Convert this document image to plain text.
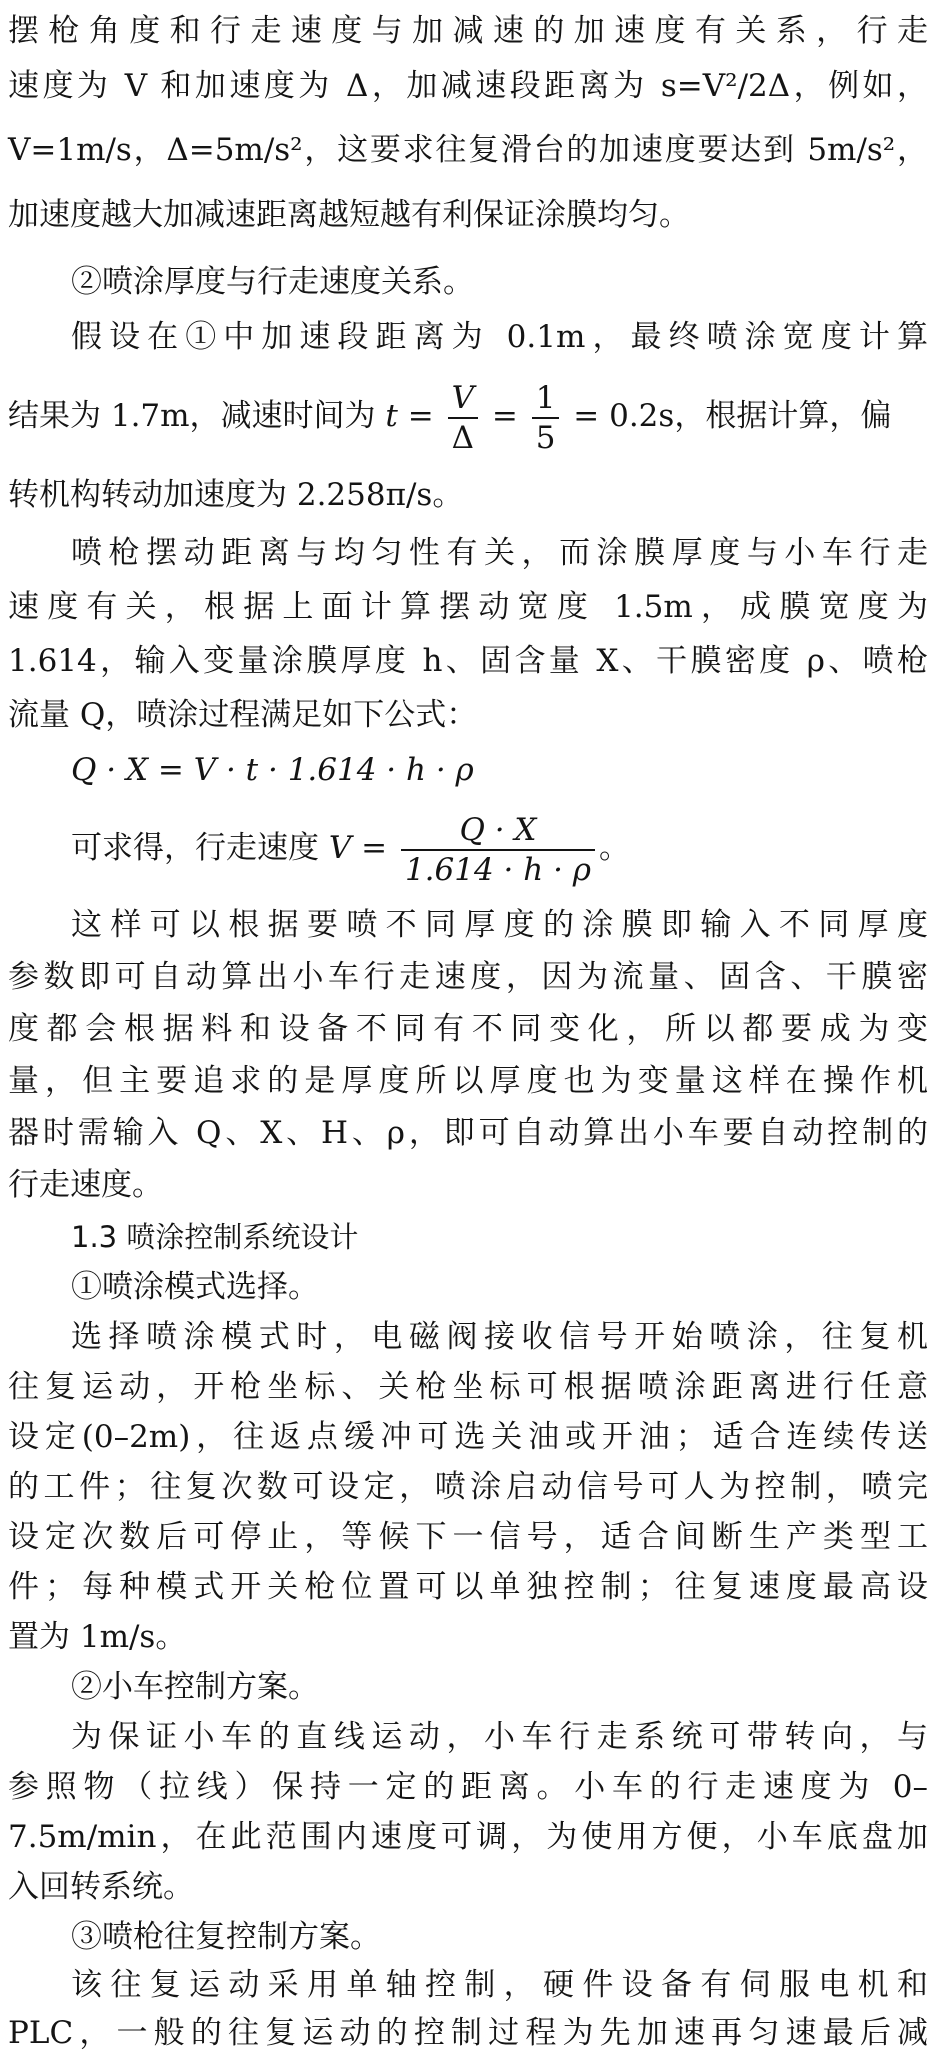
摆枪角度和行走速度与加减速的加速度有关系，行走
速度为 V 和加速度为 Δ，加减速段距离为 s=V²/2Δ，例如，
V=1m/s，Δ=5m/s²，这要求往复滑台的加速度要达到 5m/s²，
加速度越大加减速距离越短越有利保证涂膜均匀。
②喷涂厚度与行走速度关系。
假设在①中加速段距离为 0.1m，最终喷涂宽度计算
结果为 1.7m，减速时间为 $t = \frac{V}{\Delta} = \frac{1}{5} = 0.2s$，根据计算，偏
转机构转动加速度为 2.258π/s。
喷枪摆动距离与均匀性有关，而涂膜厚度与小车行走
速度有关，根据上面计算摆动宽度 1.5m，成膜宽度为
1.614，输入变量涂膜厚度 h、固含量 X、干膜密度 ρ、喷枪
流量 Q，喷涂过程满足如下公式：
Q · X = V · t · 1.614 · h · ρ
可求得，行走速度 $V = \frac{Q \cdot X}{1.614 \cdot h \cdot \rho}$ 。
这样可以根据要喷不同厚度的涂膜即输入不同厚度
参数即可自动算出小车行走速度，因为流量、固含、干膜密
度都会根据料和设备不同有不同变化，所以都要成为变
量，但主要追求的是厚度所以厚度也为变量这样在操作机
器时需输入 Q、X、H、ρ，即可自动算出小车要自动控制的
行走速度。
1.3 喷涂控制系统设计
①喷涂模式选择。
选择喷涂模式时，电磁阀接收信号开始喷涂，往复机
往复运动，开枪坐标、关枪坐标可根据喷涂距离进行任意
设定(0–2m)，往返点缓冲可选关油或开油；适合连续传送
的工件；往复次数可设定，喷涂启动信号可人为控制，喷完
设定次数后可停止，等候下一信号，适合间断生产类型工
件；每种模式开关枪位置可以单独控制；往复速度最高设
置为 1m/s。
②小车控制方案。
为保证小车的直线运动，小车行走系统可带转向，与
参照物（拉线）保持一定的距离。小车的行走速度为 0–
7.5m/min，在此范围内速度可调，为使用方便，小车底盘加
入回转系统。
③喷枪往复控制方案。
该往复运动采用单轴控制，硬件设备有伺服电机和
PLC，一般的往复运动的控制过程为先加速再匀速最后减
